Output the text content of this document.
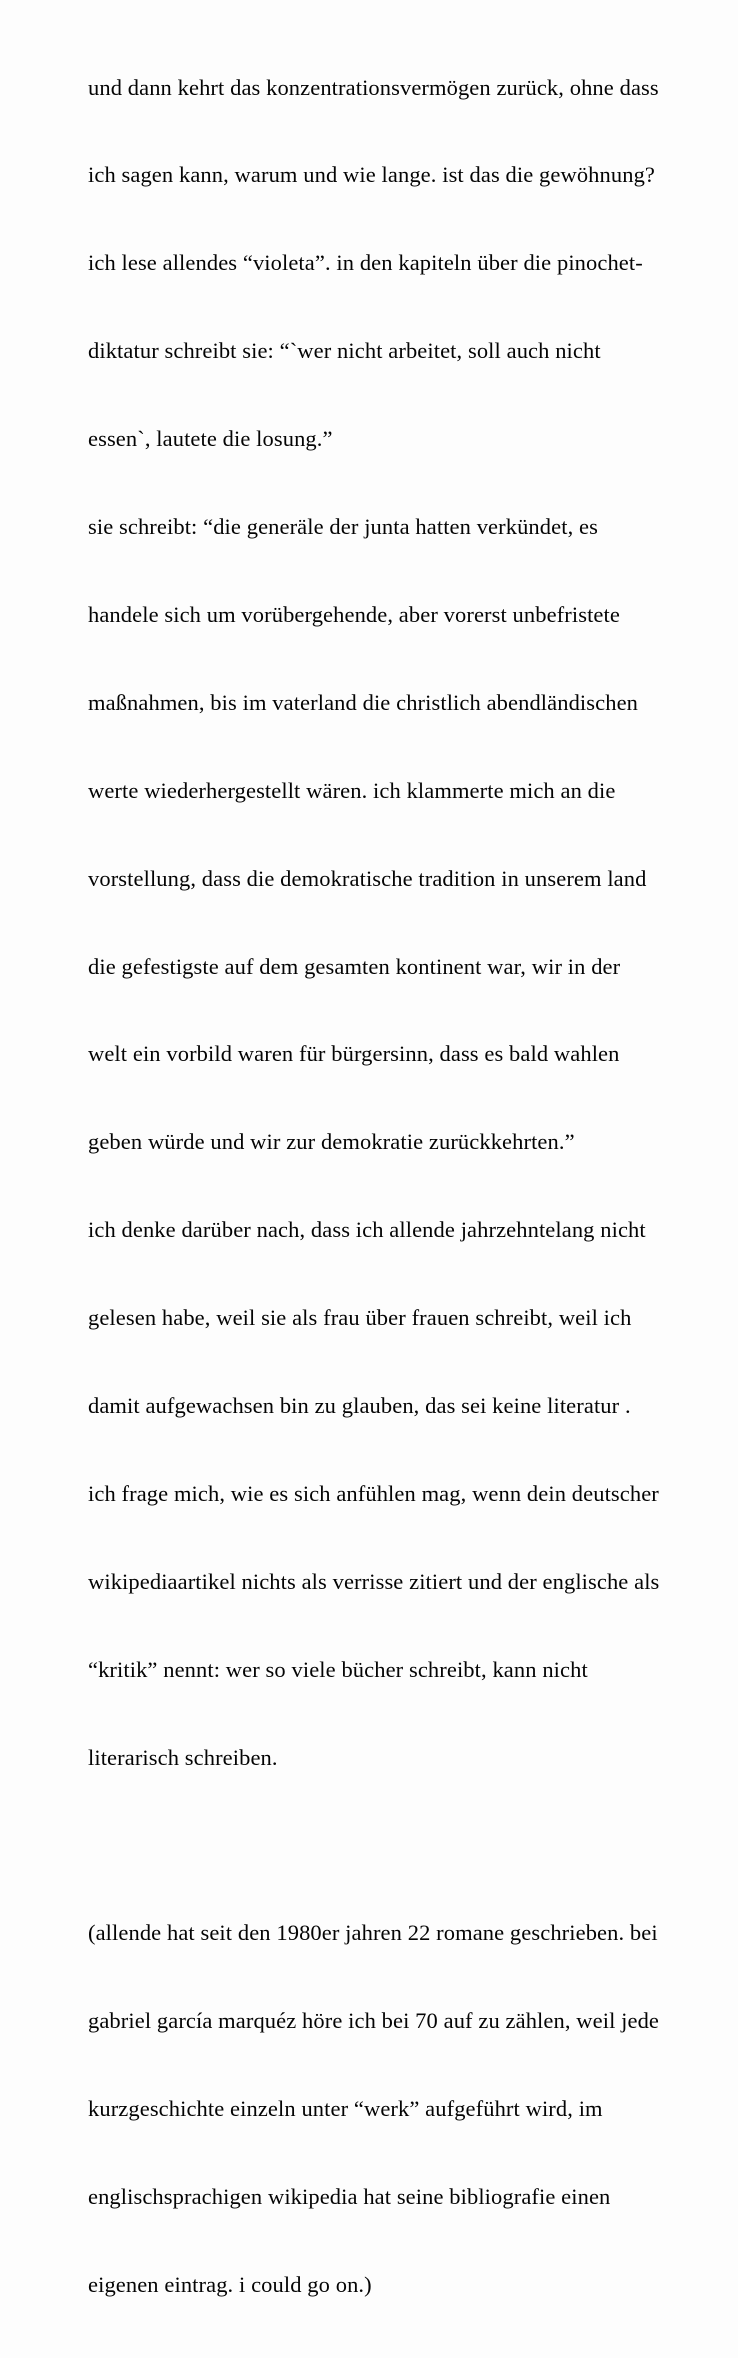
und dann kehrt das konzentrationsvermögen zurück, ohne dass

ich sagen kann, warum und wie lange. ist das die gewöhnung?

ich lese allendes “violeta”. in den kapiteln über die pinochet-

diktatur schreibt sie: “`wer nicht arbeitet, soll auch nicht

essen`, lautete die losung.”

sie schreibt: “die generäle der junta hatten verkündet, es

handele sich um vorübergehende, aber vorerst unbefristete

maßnahmen, bis im vaterland die christlich abendländischen

werte wiederhergestellt wären. ich klammerte mich an die

vorstellung, dass die demokratische tradition in unserem land

die gefestigste auf dem gesamten kontinent war, wir in der

welt ein vorbild waren für bürgersinn, dass es bald wahlen

geben würde und wir zur demokratie zurückkehrten.”

ich denke darüber nach, dass ich allende jahrzehntelang nicht

gelesen habe, weil sie als frau über frauen schreibt, weil ich

damit aufgewachsen bin zu glauben, das sei keine literatur .

ich frage mich, wie es sich anfühlen mag, wenn dein deutscher

wikipediaartikel nichts als verrisse zitiert und der englische als

“kritik” nennt: wer so viele bücher schreibt, kann nicht

literarisch schreiben.

(allende hat seit den 1980er jahren 22 romane geschrieben. bei

gabriel garcía marquéz höre ich bei 70 auf zu zählen, weil jede

kurzgeschichte einzeln unter “werk” aufgeführt wird, im

englischsprachigen wikipedia hat seine bibliografie einen

eigenen eintrag. i could go on.)
